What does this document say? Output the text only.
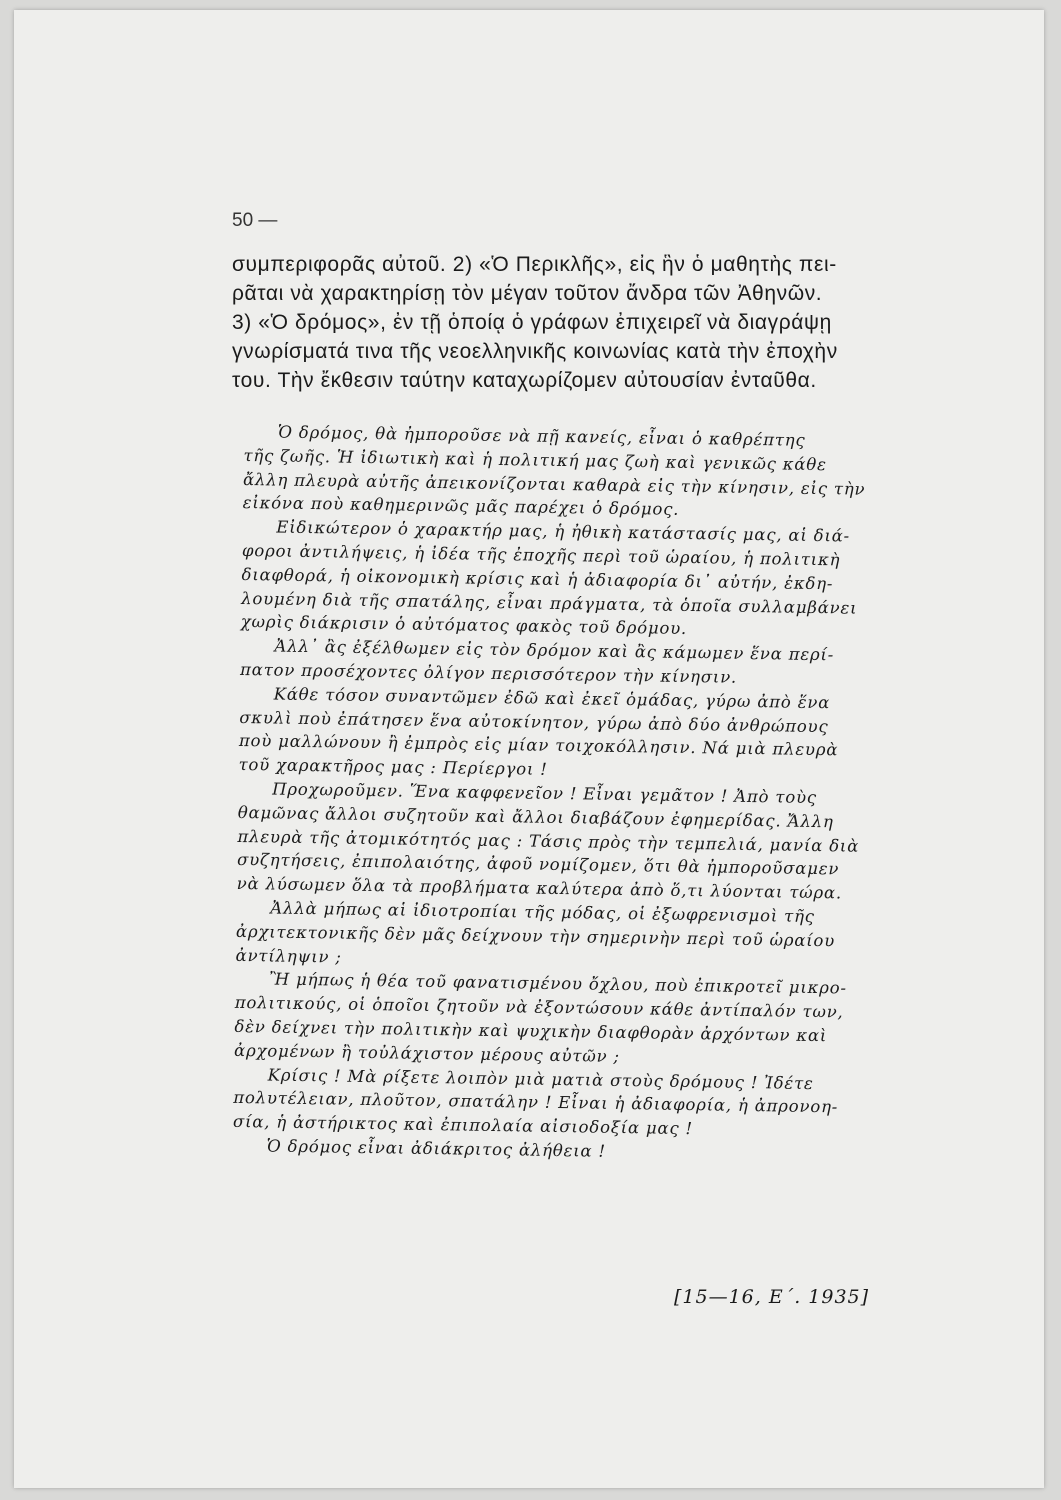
50 —
συμπεριφορᾶς αὐτοῦ. 2) «Ὁ Περικλῆς», εἰς ἣν ὁ μαθητὴς πει-
ρᾶται νὰ χαρακτηρίσῃ τὸν μέγαν τοῦτον ἄνδρα τῶν Ἀθηνῶν.
3) «Ὁ δρόμος», ἐν τῇ ὁποίᾳ ὁ γράφων ἐπιχειρεῖ νὰ διαγράψῃ
γνωρίσματά τινα τῆς νεοελληνικῆς κοινωνίας κατὰ τὴν ἐποχὴν
του. Τὴν ἔκθεσιν ταύτην καταχωρίζομεν αὐτουσίαν ἐνταῦθα.
Ὁ δρόμος, θὰ ἠμποροῦσε νὰ πῇ κανείς, εἶναι ὁ καθρέπτης
τῆς ζωῆς. Ἡ ἰδιωτικὴ καὶ ἡ πολιτική μας ζωὴ καὶ γενικῶς κάθε
ἄλλη πλευρὰ αὐτῆς ἀπεικονίζονται καθαρὰ εἰς τὴν κίνησιν, εἰς τὴν
εἰκόνα ποὺ καθημερινῶς μᾶς παρέχει ὁ δρόμος.
Εἰδικώτερον ὁ χαρακτήρ μας, ἡ ἠθικὴ κατάστασίς μας, αἱ διά-
φοροι ἀντιλήψεις, ἡ ἰδέα τῆς ἐποχῆς περὶ τοῦ ὡραίου, ἡ πολιτικὴ
διαφθορά, ἡ οἰκονομικὴ κρίσις καὶ ἡ ἀδιαφορία δι᾽ αὐτήν, ἐκδη-
λουμένη διὰ τῆς σπατάλης, εἶναι πράγματα, τὰ ὁποῖα συλλαμβάνει
χωρὶς διάκρισιν ὁ αὐτόματος φακὸς τοῦ δρόμου.
Ἀλλ᾽ ἂς ἐξέλθωμεν εἰς τὸν δρόμον καὶ ἂς κάμωμεν ἕνα περί-
πατον προσέχοντες ὀλίγον περισσότερον τὴν κίνησιν.
Κάθε τόσον συναντῶμεν ἐδῶ καὶ ἐκεῖ ὁμάδας, γύρω ἀπὸ ἕνα
σκυλὶ ποὺ ἐπάτησεν ἕνα αὐτοκίνητον, γύρω ἀπὸ δύο ἀνθρώπους
ποὺ μαλλώνουν ἢ ἐμπρὸς εἰς μίαν τοιχοκόλλησιν. Νά μιὰ πλευρὰ
τοῦ χαρακτῆρος μας : Περίεργοι !
Προχωροῦμεν. Ἕνα καφφενεῖον ! Εἶναι γεμᾶτον ! Ἀπὸ τοὺς
θαμῶνας ἄλλοι συζητοῦν καὶ ἄλλοι διαβάζουν ἐφημερίδας. Ἄλλη
πλευρὰ τῆς ἀτομικότητός μας : Τάσις πρὸς τὴν τεμπελιά, μανία διὰ
συζητήσεις, ἐπιπολαιότης, ἀφοῦ νομίζομεν, ὅτι θὰ ἠμποροῦσαμεν
νὰ λύσωμεν ὅλα τὰ προβλήματα καλύτερα ἀπὸ ὅ,τι λύονται τώρα.
Ἀλλὰ μήπως αἱ ἰδιοτροπίαι τῆς μόδας, οἱ ἐξωφρενισμοὶ τῆς
ἀρχιτεκτονικῆς δὲν μᾶς δείχνουν τὴν σημερινὴν περὶ τοῦ ὡραίου
ἀντίληψιν ;
Ἢ μήπως ἡ θέα τοῦ φανατισμένου ὄχλου, ποὺ ἐπικροτεῖ μικρο-
πολιτικούς, οἱ ὁποῖοι ζητοῦν νὰ ἐξοντώσουν κάθε ἀντίπαλόν των,
δὲν δείχνει τὴν πολιτικὴν καὶ ψυχικὴν διαφθορὰν ἀρχόντων καὶ
ἀρχομένων ἢ τοὐλάχιστον μέρους αὐτῶν ;
Κρίσις ! Μὰ ρίξετε λοιπὸν μιὰ ματιὰ στοὺς δρόμους ! Ἰδέτε
πολυτέλειαν, πλοῦτον, σπατάλην ! Εἶναι ἡ ἀδιαφορία, ἡ ἀπρονοη-
σία, ἡ ἀστήρικτος καὶ ἐπιπολαία αἰσιοδοξία μας !
Ὁ δρόμος εἶναι ἀδιάκριτος ἀλήθεια !
[15—16, Ε΄. 1935]
